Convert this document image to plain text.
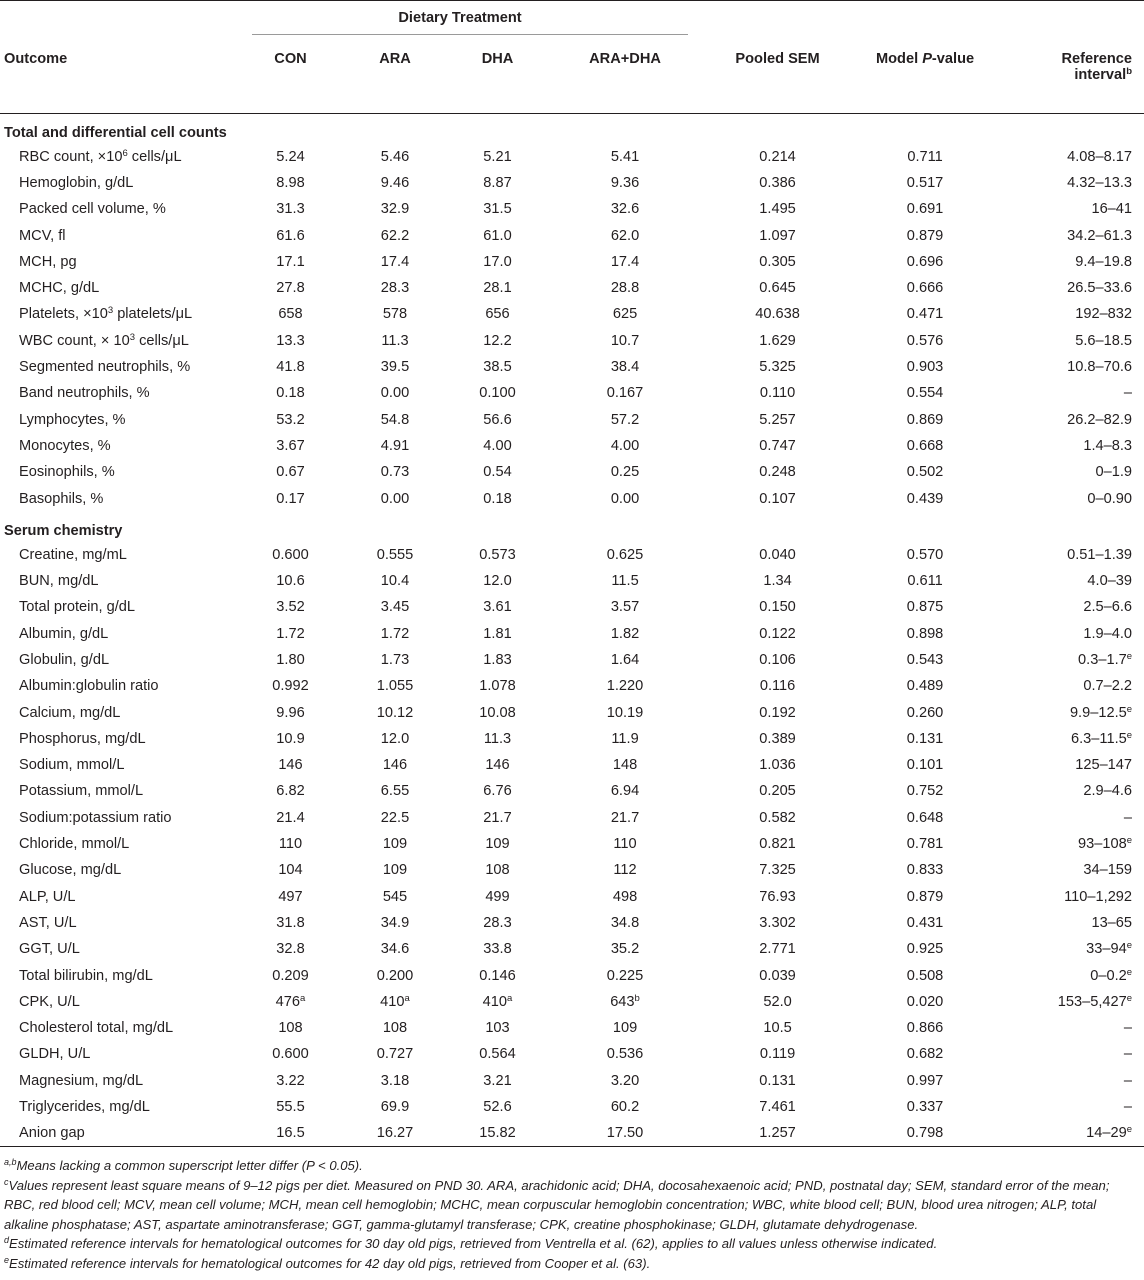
	Dietary Treatment						

Outcome	CON	ARA	DHA	ARA+DHA	Pooled SEM	Model P-value	Reference
interval$^b$
Total and differential cell counts							
RBC count, $\times 10^6$ cells/μL	5.24	5.46	5.21	5.41	0.214	0.711	4.08–8.17
Hemoglobin, g/dL	8.98	9.46	8.87	9.36	0.386	0.517	4.32–13.3
Packed cell volume, %	31.3	32.9	31.5	32.6	1.495	0.691	16–41
MCV, fl	61.6	62.2	61.0	62.0	1.097	0.879	34.2–61.3
MCH, pg	17.1	17.4	17.0	17.4	0.305	0.696	9.4–19.8
MCHC, g/dL	27.8	28.3	28.1	28.8	0.645	0.666	26.5–33.6
Platelets, $\times 10^3$ platelets/μL	658	578	656	625	40.638	0.471	192–832
WBC count, × $10^3$ cells/μL	13.3	11.3	12.2	10.7	1.629	0.576	5.6–18.5
Segmented neutrophils, %	41.8	39.5	38.5	38.4	5.325	0.903	10.8–70.6
Band neutrophils, %	0.18	0.00	0.100	0.167	0.110	0.554	–
Lymphocytes, %	53.2	54.8	56.6	57.2	5.257	0.869	26.2–82.9
Monocytes, %	3.67	4.91	4.00	4.00	0.747	0.668	1.4–8.3
Eosinophils, %	0.67	0.73	0.54	0.25	0.248	0.502	0–1.9
Basophils, %	0.17	0.00	0.18	0.00	0.107	0.439	0–0.90
Serum chemistry							
Creatine, mg/mL	0.600	0.555	0.573	0.625	0.040	0.570	0.51–1.39
BUN, mg/dL	10.6	10.4	12.0	11.5	1.34	0.611	4.0–39
Total protein, g/dL	3.52	3.45	3.61	3.57	0.150	0.875	2.5–6.6
Albumin, g/dL	1.72	1.72	1.81	1.82	0.122	0.898	1.9–4.0
Globulin, g/dL	1.80	1.73	1.83	1.64	0.106	0.543	0.3–1.7e
Albumin:globulin ratio	0.992	1.055	1.078	1.220	0.116	0.489	0.7–2.2
Calcium, mg/dL	9.96	10.12	10.08	10.19	0.192	0.260	9.9–12.5e
Phosphorus, mg/dL	10.9	12.0	11.3	11.9	0.389	0.131	6.3–11.5e
Sodium, mmol/L	146	146	146	148	1.036	0.101	125–147
Potassium, mmol/L	6.82	6.55	6.76	6.94	0.205	0.752	2.9–4.6
Sodium:potassium ratio	21.4	22.5	21.7	21.7	0.582	0.648	–
Chloride, mmol/L	110	109	109	110	0.821	0.781	93–108e
Glucose, mg/dL	104	109	108	112	7.325	0.833	34–159
ALP, U/L	497	545	499	498	76.93	0.879	110–1,292
AST, U/L	31.8	34.9	28.3	34.8	3.302	0.431	13–65
GGT, U/L	32.8	34.6	33.8	35.2	2.771	0.925	33–94e
Total bilirubin, mg/dL	0.209	0.200	0.146	0.225	0.039	0.508	0–0.2e
CPK, U/L	476$^a$	410$^a$	410$^a$	643$^b$	52.0	0.020	153–5,427e
Cholesterol total, mg/dL	108	108	103	109	10.5	0.866	–
GLDH, U/L	0.600	0.727	0.564	0.536	0.119	0.682	–
Magnesium, mg/dL	3.22	3.18	3.21	3.20	0.131	0.997	–
Triglycerides, mg/dL	55.5	69.9	52.6	60.2	7.461	0.337	–
Anion gap	16.5	16.27	15.82	17.50	1.257	0.798	14–29e

$^{a,b}$Means lacking a common superscript letter differ (P < 0.05).

$^c$Values represent least square means of 9–12 pigs per diet. Measured on PND 30. ARA, arachidonic acid; DHA, docosahexaenoic acid; PND, postnatal day; SEM, standard error of the mean; RBC, red blood cell; MCV, mean cell volume; MCH, mean cell hemoglobin; MCHC, mean corpuscular hemoglobin concentration; WBC, white blood cell; BUN, blood urea nitrogen; ALP, total alkaline phosphatase; AST, aspartate aminotransferase; GGT, gamma-glutamyl transferase; CPK, creatine phosphokinase; GLDH, glutamate dehydrogenase.

$^d$Estimated reference intervals for hematological outcomes for 30 day old pigs, retrieved from Ventrella et al. (62), applies to all values unless otherwise indicated.

$^e$Estimated reference intervals for hematological outcomes for 42 day old pigs, retrieved from Cooper et al. (63).
